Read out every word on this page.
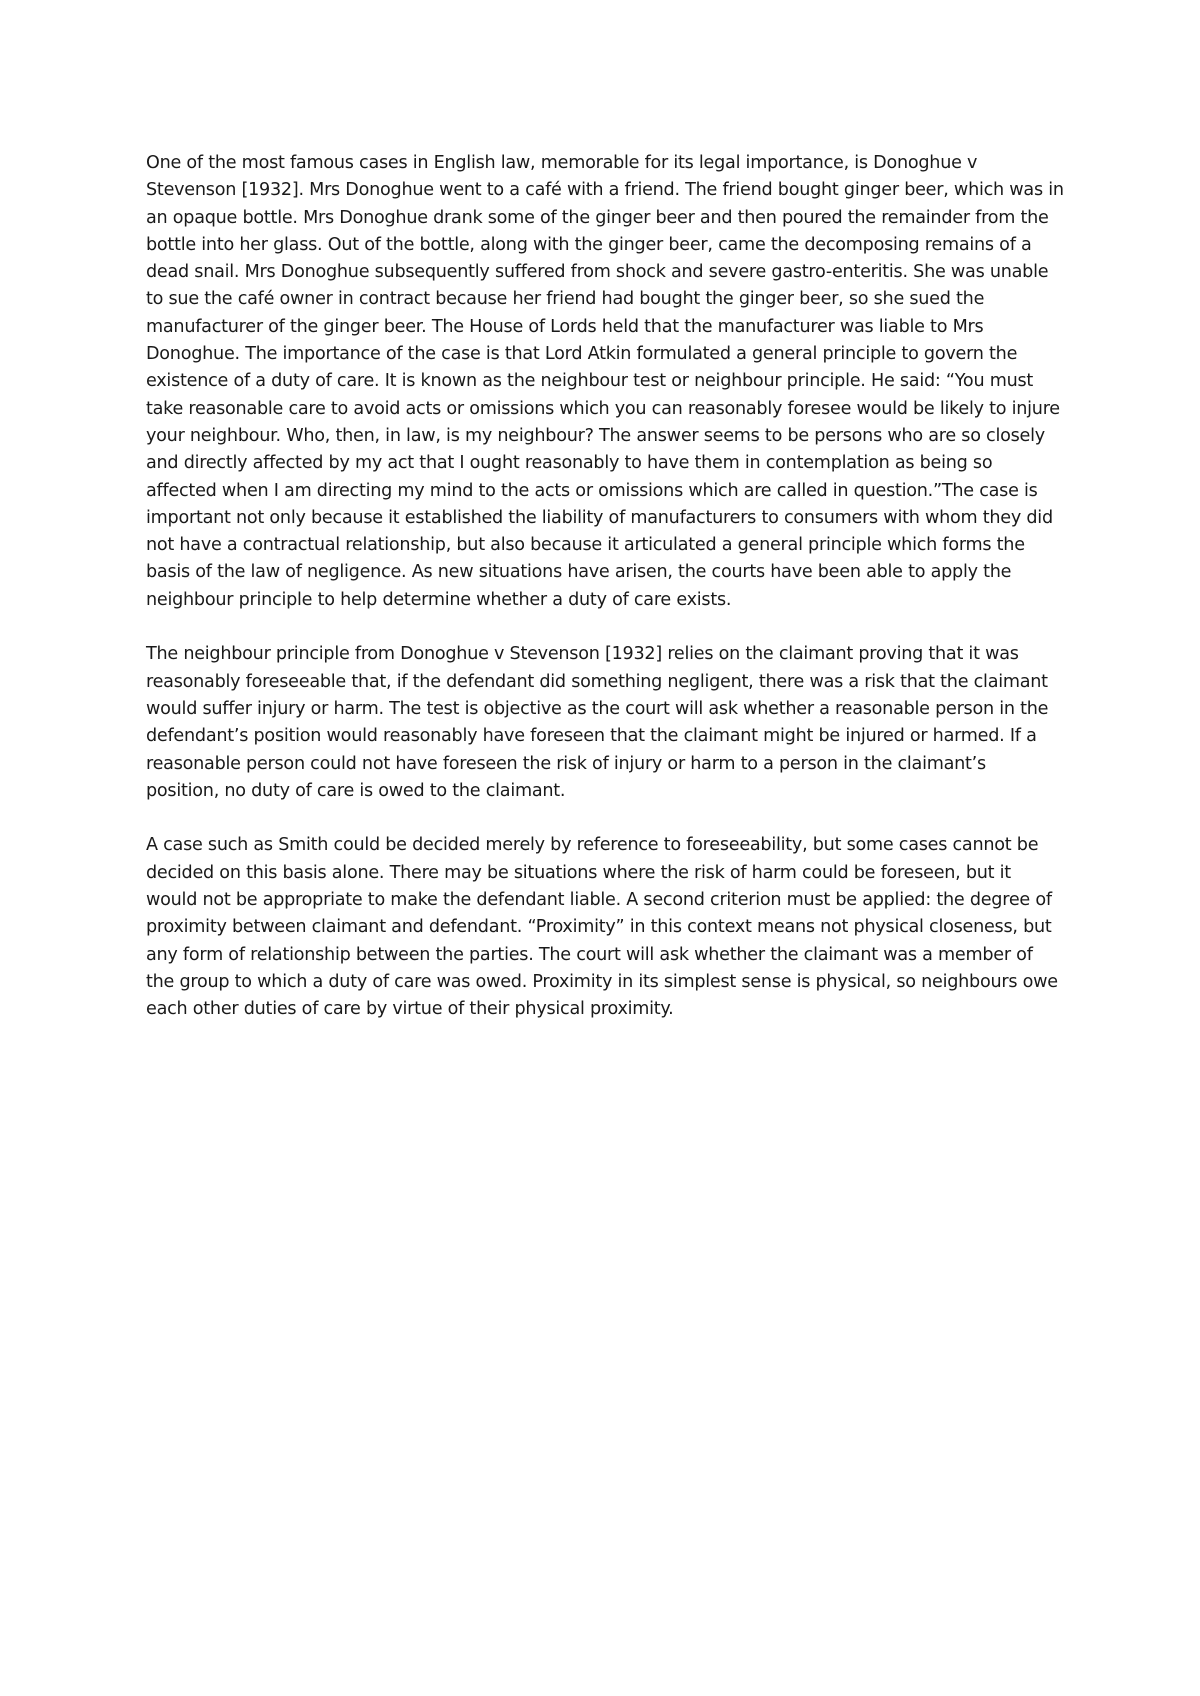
One of the most famous cases in English law, memorable for its legal importance, is Donoghue v Stevenson [1932]. Mrs Donoghue went to a café with a friend. The friend bought ginger beer, which was in an opaque bottle. Mrs Donoghue drank some of the ginger beer and then poured the remainder from the bottle into her glass. Out of the bottle, along with the ginger beer, came the decomposing remains of a dead snail. Mrs Donoghue subsequently suffered from shock and severe gastro-enteritis. She was unable to sue the café owner in contract because her friend had bought the ginger beer, so she sued the manufacturer of the ginger beer. The House of Lords held that the manufacturer was liable to Mrs Donoghue. The importance of the case is that Lord Atkin formulated a general principle to govern the existence of a duty of care. It is known as the neighbour test or neighbour principle. He said: “You must take reasonable care to avoid acts or omissions which you can reasonably foresee would be likely to injure your neighbour. Who, then, in law, is my neighbour? The answer seems to be persons who are so closely and directly affected by my act that I ought reasonably to have them in contemplation as being so affected when I am directing my mind to the acts or omissions which are called in question.”The case is important not only because it established the liability of manufacturers to consumers with whom they did not have a contractual relationship, but also because it articulated a general principle which forms the basis of the law of negligence. As new situations have arisen, the courts have been able to apply the neighbour principle to help determine whether a duty of care exists.

The neighbour principle from Donoghue v Stevenson [1932] relies on the claimant proving that it was reasonably foreseeable that, if the defendant did something negligent, there was a risk that the claimant would suffer injury or harm. The test is objective as the court will ask whether a reasonable person in the defendant’s position would reasonably have foreseen that the claimant might be injured or harmed. If a reasonable person could not have foreseen the risk of injury or harm to a person in the claimant’s position, no duty of care is owed to the claimant.

A case such as Smith could be decided merely by reference to foreseeability, but some cases cannot be decided on this basis alone. There may be situations where the risk of harm could be foreseen, but it would not be appropriate to make the defendant liable. A second criterion must be applied: the degree of proximity between claimant and defendant. “Proximity” in this context means not physical closeness, but any form of relationship between the parties. The court will ask whether the claimant was a member of the group to which a duty of care was owed. Proximity in its simplest sense is physical, so neighbours owe each other duties of care by virtue of their physical proximity.
